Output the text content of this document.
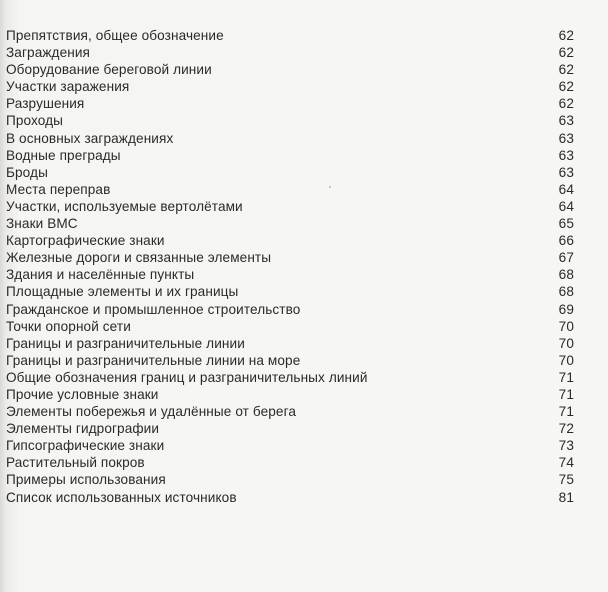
Препятствия, общее обозначение	62
Заграждения	62
Оборудование береговой линии	62
Участки заражения	62
Разрушения	62
Проходы	63
В основных заграждениях	63
Водные преграды	63
Броды	63
Места переправ	64
Участки, используемые вертолётами	64
Знаки ВМС	65
Картографические знаки	66
Железные дороги и связанные элементы	67
Здания и населённые пункты	68
Площадные элементы и их границы	68
Гражданское и промышленное строительство	69
Точки опорной сети	70
Границы и разграничительные линии	70
Границы и разграничительные линии на море	70
Общие обозначения границ и разграничительных линий	71
Прочие условные знаки	71
Элементы побережья и удалённые от берега	71
Элементы гидрографии	72
Гипсографические знаки	73
Растительный покров	74
Примеры использования	75
Список использованных источников	81
